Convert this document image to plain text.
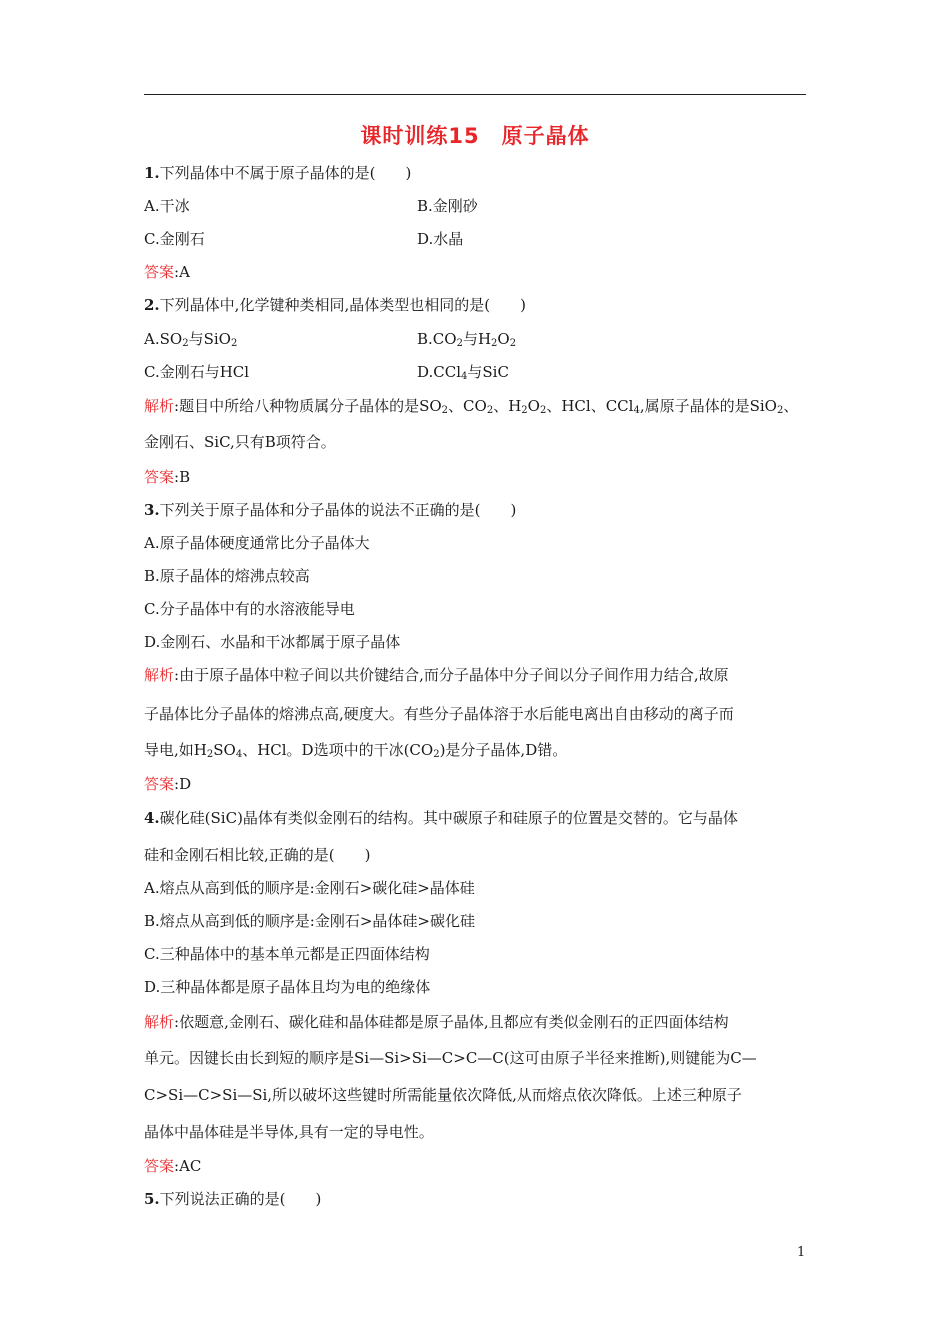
课时训练15　原子晶体
1.下列晶体中不属于原子晶体的是(　　)
A.干冰	B.金刚砂
C.金刚石	D.水晶
答案:A
2.下列晶体中,化学键种类相同,晶体类型也相同的是(　　)
$A.SO_2$与SiO$_2$	$B.CO_2$与$H_2O_2$
C.金刚石与HCl	D.CCl$_4$与SiC
解析:题目中所给八种物质属分子晶体的是$SO_2$、$CO_2$、$H_2O_2$、HCl、CCl$_4$,属原子晶体的是SiO$_2$、
金刚石、SiC,只有B项符合。
答案:B
3.下列关于原子晶体和分子晶体的说法不正确的是(　　)
A.原子晶体硬度通常比分子晶体大
B.原子晶体的熔沸点较高
C.分子晶体中有的水溶液能导电
D.金刚石、水晶和干冰都属于原子晶体
解析:由于原子晶体中粒子间以共价键结合,而分子晶体中分子间以分子间作用力结合,故原
子晶体比分子晶体的熔沸点高,硬度大。有些分子晶体溶于水后能电离出自由移动的离子而
导电,如$H_2SO_4$、HCl。D选项中的干冰$(CO_2)$是分子晶体,D错。
答案:D
4.碳化硅(SiC)晶体有类似金刚石的结构。其中碳原子和硅原子的位置是交替的。它与晶体
硅和金刚石相比较,正确的是(　　)
A.熔点从高到低的顺序是:金刚石>碳化硅>晶体硅
B.熔点从高到低的顺序是:金刚石>晶体硅>碳化硅
C.三种晶体中的基本单元都是正四面体结构
D.三种晶体都是原子晶体且均为电的绝缘体
解析:依题意,金刚石、碳化硅和晶体硅都是原子晶体,且都应有类似金刚石的正四面体结构
单元。因键长由长到短的顺序是Si—Si>Si—C>C—C(这可由原子半径来推断),则键能为C—
C>Si—C>Si—Si,所以破坏这些键时所需能量依次降低,从而熔点依次降低。上述三种原子
晶体中晶体硅是半导体,具有一定的导电性。
答案:AC
5.下列说法正确的是(　　)
1
